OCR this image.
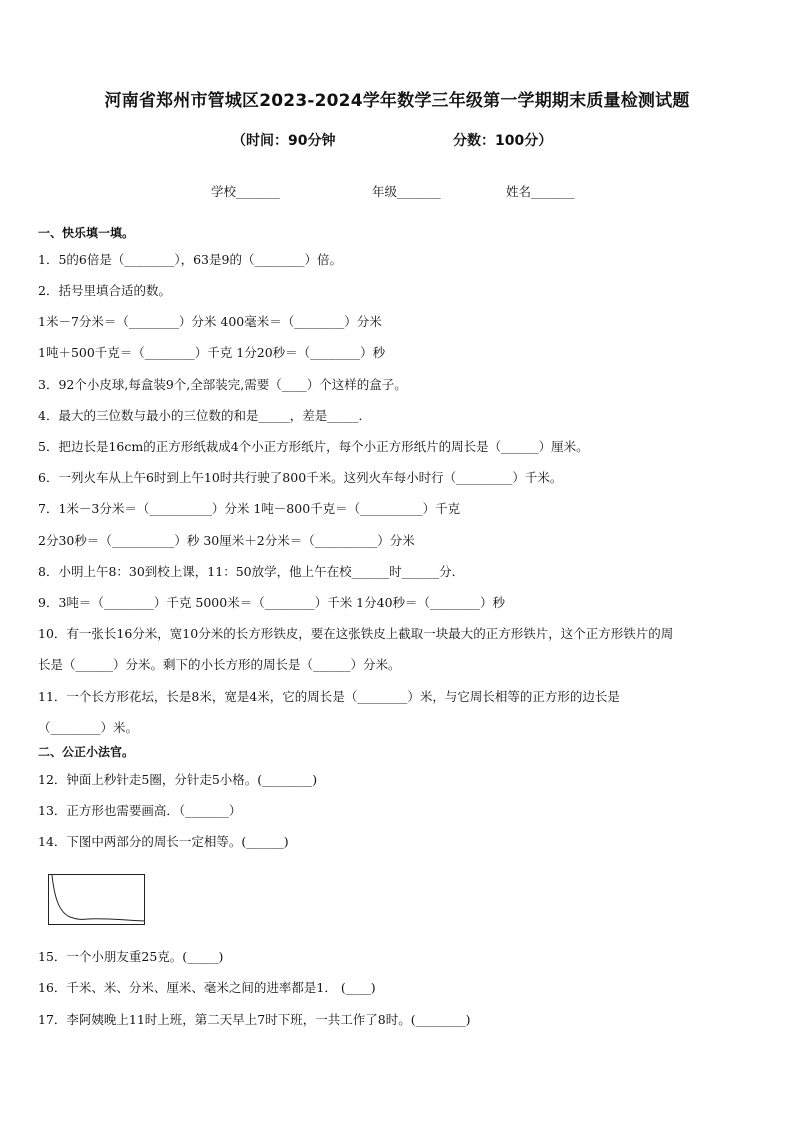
河南省郑州市管城区2023-2024学年数学三年级第一学期期末质量检测试题
（时间：90分钟	分数：100分）
学校_______	年级_______	姓名_______
一、快乐填一填。
1．5的6倍是（________），63是9的（________）倍。
2．括号里填合适的数。
1米－7分米＝（________）分米 400毫米＝（________）分米
1吨＋500千克＝（________）千克 1分20秒＝（________）秒
3．92个小皮球,每盒装9个,全部装完,需要（____）个这样的盒子。
4．最大的三位数与最小的三位数的和是_____，差是_____．
5．把边长是16cm的正方形纸裁成4个小正方形纸片，每个小正方形纸片的周长是（______）厘米。
6．一列火车从上午6时到上午10时共行驶了800千米。这列火车每小时行（_________）千米。
7．1米－3分米＝（__________）分米 1吨－800千克＝（__________）千克
2分30秒＝（__________）秒 30厘米＋2分米＝（__________）分米
8．小明上午8：30到校上课，11：50放学，他上午在校______时______分．
9．3吨＝（________）千克 5000米＝（________）千米 1分40秒＝（________）秒
10．有一张长16分米，宽10分米的长方形铁皮，要在这张铁皮上截取一块最大的正方形铁片，这个正方形铁片的周
长是（______）分米。剩下的小长方形的周长是（______）分米。
11．一个长方形花坛，长是8米，宽是4米，它的周长是（________）米，与它周长相等的正方形的边长是
（________）米。
二、公正小法官。
12．钟面上秒针走5圈，分针走5小格。(________)
13．正方形也需要画高．（_______）
14．下图中两部分的周长一定相等。(______)
15．一个小朋友重25克。(_____)
16．千米、米、分米、厘米、毫米之间的进率都是1． (____)
17．李阿姨晚上11时上班，第二天早上7时下班，一共工作了8时。(________)
